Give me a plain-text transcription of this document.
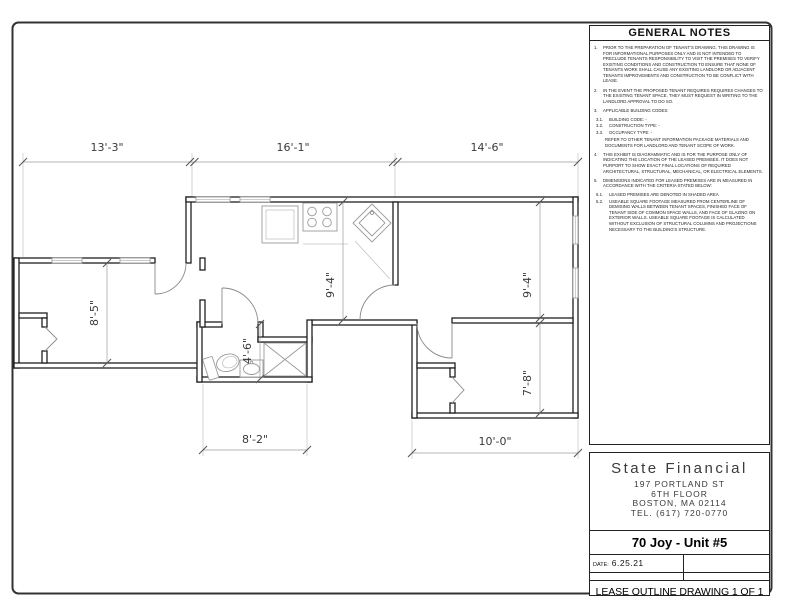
13'-3"	16'-1"	14'-6"
8'-5"
9'-4"	9'-4"
4'-6"
7'-8"
8'-2"	10'-0"
GENERAL NOTES
1.	PRIOR TO THE PREPARATION OF TENANT'S DRAWING. THIS DRAWING IS FOR INFORMATIONAL PURPOSES ONLY AND IS NOT INTENDED TO PRECLUDE TENANTS RESPONSIBILITY TO VISIT THE PREMISES TO VERIFY EXISTING CONDITIONS AND CONSTRUCTION TO ENSURE THAT NONE OF TENANTS WORK SHALL CAUSE ANY EXISTING LANDLORD OR ADJACENT TENANTS IMPROVEMENTS AND CONSTRUCTION TO BE CONFLICT WITH LEASE.
2.	IN THE EVENT THE PROPOSED TENANT REQUIRES REQUIRES CHANGES TO THE EXISTING TENANT SPACE, THEY MUST REQUEST IN WRITING TO THE LANDLORD APPROVAL TO DO SO.
3.	APPLICABLE BUILDING CODES:
3.1.	BUILDING CODE: -
3.2.	CONSTRUCTION TYPE: -
3.3.	OCCUPANCY TYPE: -
REFER TO OTHER TENANT INFORMATION PACKAGE MATERIALS AND DOCUMENTS FOR LANDLORD AND TENANT SCOPE OF WORK.
4.	THIS EXHIBIT IS DIAGRAMMATIC AND IS FOR THE PURPOSE ONLY OF INDICATING THE LOCATION OF THE LEASED PREMISES. IT DOES NOT PURPORT TO SHOW EXACT FINAL LOCATIONS OF REQUIRED ARCHITECTURAL, STRUCTURAL, MECHANICAL, OR ELECTRICAL ELEMENTS.
5.	DIMENSIONS INDICATED FOR LEASED PREMISES ARE IN MEASURED IN ACCORDANCE WITH THE CRITERIA STATED BELOW:
5.1.	LEASED PREMISES ARE DENOTED IN SHADED AREA
5.2.	USEABLE SQUARE FOOTAGE MEASURED FROM CENTERLINE OF DEMISING WALLS BETWEEN TENANT SPACES, FINISHED FACE OF TENANT SIDE OF COMMON SPACE WALLS, AND FACE OF GLAZING ON EXTERIOR WALLS. USEABLE SQUARE FOOTAGE IS CALCULATED WITHOUT EXCLUSION OF STRUCTURAL COLUMNS AND PROJECTIONS NECESSARY TO THE BUILDING'S STRUCTURE.
State Financial
197 PORTLAND ST
6TH FLOOR
BOSTON, MA 02114
TEL. (617) 720-0770
70 Joy - Unit #5
DATE: 6.25.21
LEASE OUTLINE DRAWING 1 OF 1
